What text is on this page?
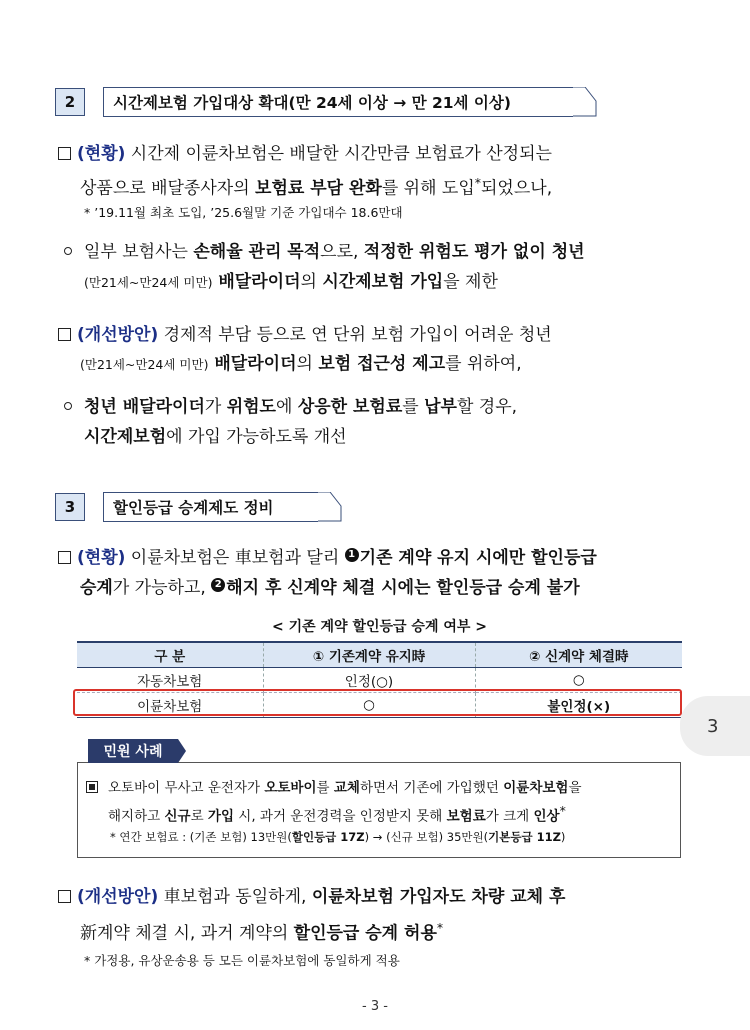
2	시간제보험 가입대상 확대(만 24세 이상 → 만 21세 이상)
(현황) 시간제 이륜차보험은 배달한 시간만큼 보험료가 산정되는
상품으로 배달종사자의 보험료 부담 완화를 위해 도입*되었으나,
* ’19.11월 최초 도입, ’25.6월말 기준 가입대수 18.6만대
일부 보험사는 손해율 관리 목적으로, 적정한 위험도 평가 없이 청년
(만21세~만24세 미만) 배달라이더의 시간제보험 가입을 제한
(개선방안) 경제적 부담 등으로 연 단위 보험 가입이 어려운 청년
(만21세~만24세 미만) 배달라이더의 보험 접근성 제고를 위하여,
청년 배달라이더가 위험도에 상응한 보험료를 납부할 경우,
시간제보험에 가입 가능하도록 개선
3	할인등급 승계제도 정비
(현황) 이륜차보험은 車보험과 달리 1 기존 계약 유지 시에만 할인등급
승계가 가능하고, 2 해지 후 신계약 체결 시에는 할인등급 승계 불가
< 기존 계약 할인등급 승계 여부 >
구 분	① 기존계약 유지時	② 신계약 체결時
자동차보험	인정(○)	○
이륜차보험	○	불인정(×)
민원 사례
오토바이 무사고 운전자가 오토바이를 교체하면서 기존에 가입했던 이륜차보험을
해지하고 신규로 가입 시, 과거 운전경력을 인정받지 못해 보험료가 크게 인상*
* 연간 보험료 : (기존 보험) 13만원(할인등급 17Z) → (신규 보험) 35만원(기본등급 11Z)
(개선방안) 車보험과 동일하게, 이륜차보험 가입자도 차량 교체 후
新계약 체결 시, 과거 계약의 할인등급 승계 허용*
* 가정용, 유상운송용 등 모든 이륜차보험에 동일하게 적용
3
- 3 -
